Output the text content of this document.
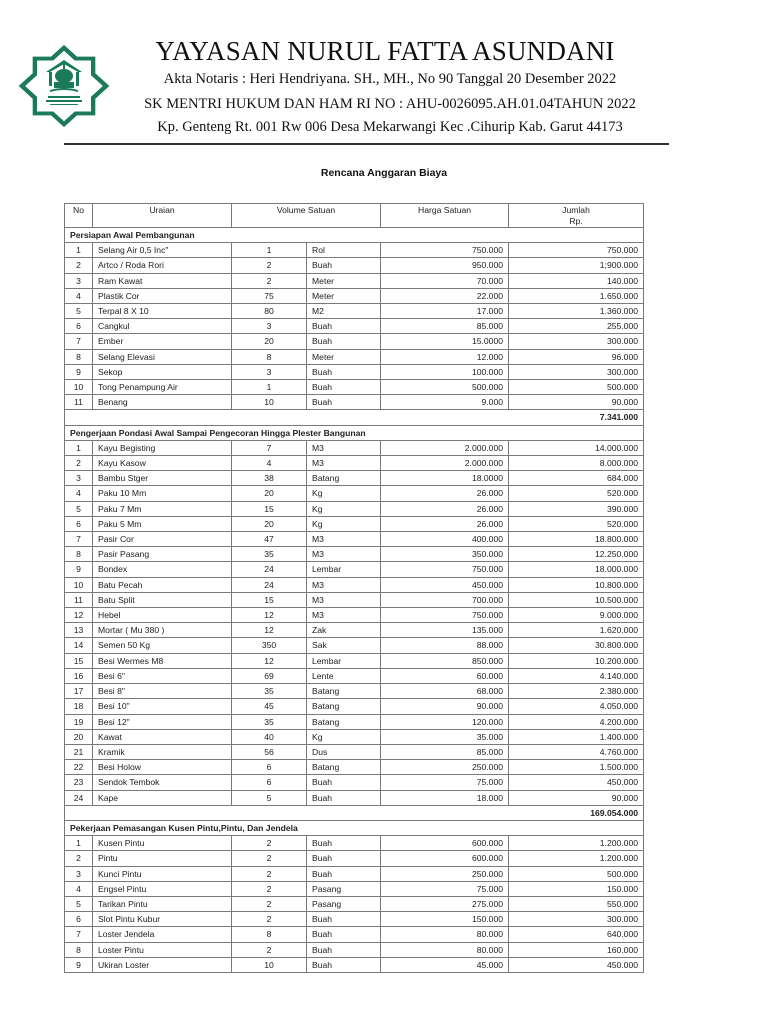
YAYASAN NURUL FATTA ASUNDANI
Akta Notaris : Heri Hendriyana. SH., MH., No 90 Tanggal 20 Desember 2022
SK MENTRI HUKUM DAN HAM RI NO : AHU-0026095.AH.01.04TAHUN 2022
Kp. Genteng Rt. 001 Rw 006 Desa Mekarwangi Kec .Cihurip Kab. Garut 44173
Rencana Anggaran Biaya
No	Uraian	Volume Satuan		Harga Satuan	Jumlah
Rp.

Persiapan Awal Pembangunan					
1	Selang Air 0,5 Inc"	1	Rol	750.000	750.000
2	Artco / Roda Rori	2	Buah	950.000	1;900.000
3	Ram Kawat	2	Meter	70.000	140.000
4	Plastik Cor	75	Meter	22.000	1.650.000
5	Terpal 8 X 10	80	M2	17.000	1.360.000
6	Cangkul	3	Buah	85.000	255.000
7	Ember	20	Buah	15.0000	300.000
8	Selang Elevasi	8	Meter	12.000	96.000
9	Sekop	3	Buah	100.000	300.000
10	Tong Penampung Air	1	Buah	500.000	500.000
11	Benang	10	Buah	9.000	90.000
7.341.000					
Pengerjaan Pondasi Awal Sampai Pengecoran Hingga Plester Bangunan					
1	Kayu Begisting	7	M3	2.000.000	14.000.000
2	Kayu Kasow	4	M3	2.000.000	8.000.000
3	Bambu Stger	38	Batang	18.0000	684.000
4	Paku 10 Mm	20	Kg	26.000	520.000
5	Paku 7 Mm	15	Kg	26.000	390.000
6	Paku 5 Mm	20	Kg	26.000	520.000
7	Pasir Cor	47	M3	400.000	18.800.000
8	Pasir Pasang	35	M3	350.000	12.250.000
9	Bondex	24	Lembar	750.000	18.000.000
10	Batu Pecah	24	M3	450.000	10.800.000
11	Batu Split	15	M3	700.000	10.500.000
12	Hebel	12	M3	750.000	9.000.000
13	Mortar ( Mu 380 )	12	Zak	135.000	1.620.000
14	Semen 50 Kg	350	Sak	88.000	30.800.000
15	Besi Wermes M8	12	Lembar	850.000	10.200.000
16	Besi 6"	69	Lente	60.000	4.140.000
17	Besi 8"	35	Batang	68.000	2.380.000
18	Besi 10"	45	Batang	90.000	4.050.000
19	Besi 12"	35	Batang	120.000	4.200.000
20	Kawat	40	Kg	35.000	1.400.000
21	Kramik	56	Dus	85.000	4.760.000
22	Besi Holow	6	Batang	250.000	1.500.000
23	Sendok Tembok	6	Buah	75.000	450.000
24	Kape	5	Buah	18.000	90.000
169.054.000					
Pekerjaan Pemasangan Kusen Pintu,Pintu, Dan Jendela					
1	Kusen Pintu	2	Buah	600.000	1.200.000
2	Pintu	2	Buah	600.000	1.200.000
3	Kunci Pintu	2	Buah	250.000	500.000
4	Engsel Pintu	2	Pasang	75.000	150.000
5	Tarikan Pintu	2	Pasang	275.000	550.000
6	Slot Pintu Kubur	2	Buah	150.000	300.000
7	Loster Jendela	8	Buah	80.000	640.000
8	Loster Pintu	2	Buah	80.000	160.000
9	Ukiran Loster	10	Buah	45.000	450.000
